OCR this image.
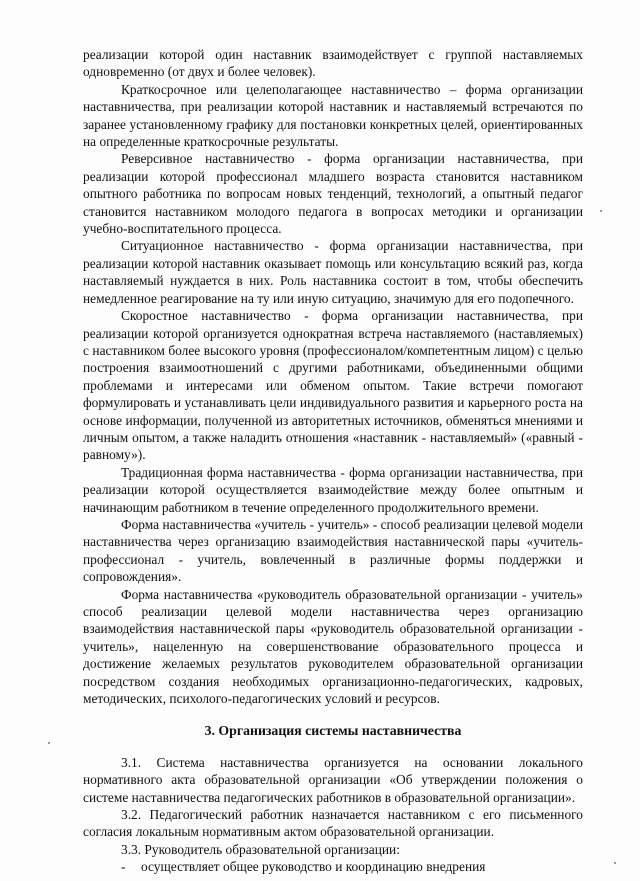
реализации которой один наставник взаимодействует с группой наставляемых одновременно (от двух и более человек).

Краткосрочное или целеполагающее наставничество – форма организации наставничества, при реализации которой наставник и наставляемый встречаются по заранее установленному графику для постановки конкретных целей, ориентированных на определенные краткосрочные результаты.

Реверсивное наставничество - форма организации наставничества, при реализации которой профессионал младшего возраста становится наставником опытного работника по вопросам новых тенденций, технологий, а опытный педагог становится наставником молодого педагога в вопросах методики и организации учебно-воспитательного процесса.

Ситуационное наставничество - форма организации наставничества, при реализации которой наставник оказывает помощь или консультацию всякий раз, когда наставляемый нуждается в них. Роль наставника состоит в том, чтобы обеспечить немедленное реагирование на ту или иную ситуацию, значимую для его подопечного.

Скоростное наставничество - форма организации наставничества, при реализации которой организуется однократная встреча наставляемого (наставляемых) с наставником более высокого уровня (профессионалом/компетентным лицом) с целью построения взаимоотношений с другими работниками, объединенными общими проблемами и интересами или обменом опытом. Такие встречи помогают формулировать и устанавливать цели индивидуального развития и карьерного роста на основе информации, полученной из авторитетных источников, обменяться мнениями и личным опытом, а также наладить отношения «наставник - наставляемый» («равный - равному»).

Традиционная форма наставничества - форма организации наставничества, при реализации которой осуществляется взаимодействие между более опытным и начинающим работником в течение определенного продолжительного времени.

Форма наставничества «учитель - учитель» - способ реализации целевой модели наставничества через организацию взаимодействия наставнической пары «учитель-профессионал - учитель, вовлеченный в различные формы поддержки и сопровождения».

Форма наставничества «руководитель образовательной организации - учитель» способ реализации целевой модели наставничества через организацию взаимодействия наставнической пары «руководитель образовательной организации - учитель», нацеленную на совершенствование образовательного процесса и достижение желаемых результатов руководителем образовательной организации посредством создания необходимых организационно-педагогических, кадровых, методических, психолого-педагогических условий и ресурсов.

3. Организация системы наставничества

3.1. Система наставничества организуется на основании локального нормативного акта образовательной организации «Об утверждении положения о системе наставничества педагогических работников в образовательной организации».

3.2. Педагогический работник назначается наставником с его письменного согласия локальным нормативным актом образовательной организации.

3.3. Руководитель образовательной организации:

-	осуществляет общее руководство и координацию внедрения
